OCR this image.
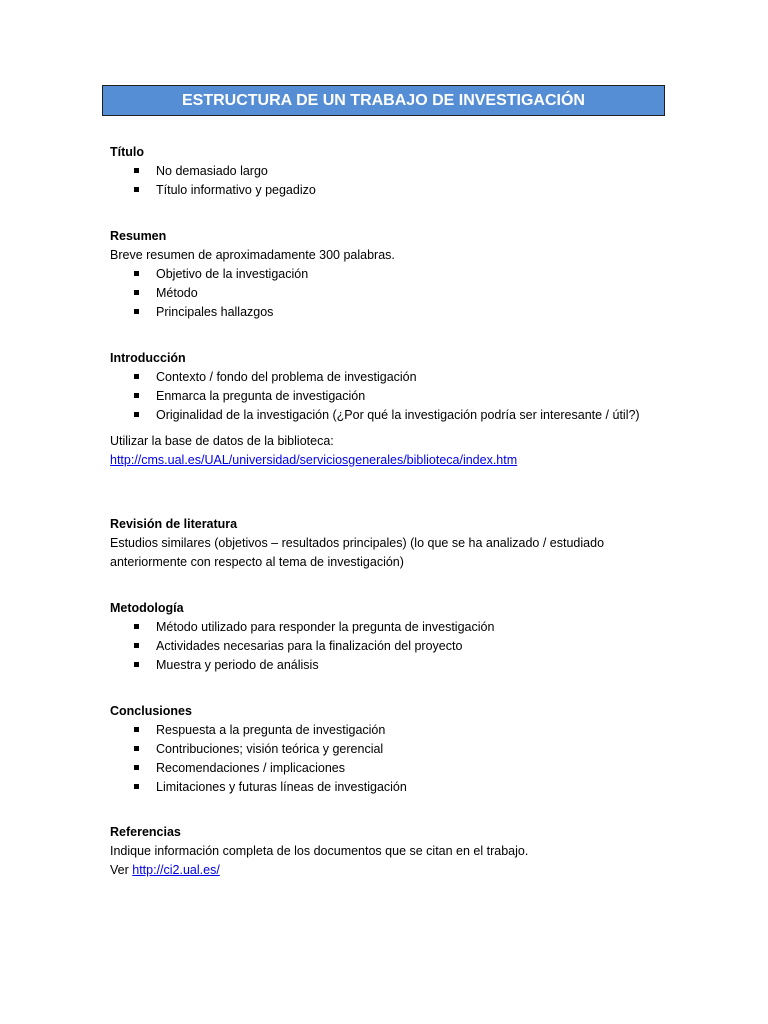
ESTRUCTURA DE UN TRABAJO DE INVESTIGACIÓN
Título
No demasiado largo
Título informativo y pegadizo
Resumen
Breve resumen de aproximadamente 300 palabras.
Objetivo de la investigación
Método
Principales hallazgos
Introducción
Contexto / fondo del problema de investigación
Enmarca la pregunta de investigación
Originalidad de la investigación (¿Por qué la investigación podría ser interesante / útil?)
Utilizar la base de datos de la biblioteca:
http://cms.ual.es/UAL/universidad/serviciosgenerales/biblioteca/index.htm
Revisión de literatura
Estudios similares (objetivos – resultados principales) (lo que se ha analizado / estudiado anteriormente con respecto al tema de investigación)
Metodología
Método utilizado para responder la pregunta de investigación
Actividades necesarias para la finalización del proyecto
Muestra y periodo de análisis
Conclusiones
Respuesta a la pregunta de investigación
Contribuciones; visión teórica y gerencial
Recomendaciones / implicaciones
Limitaciones y futuras líneas de investigación
Referencias
Indique información completa de los documentos que se citan en el trabajo.
Ver http://ci2.ual.es/
